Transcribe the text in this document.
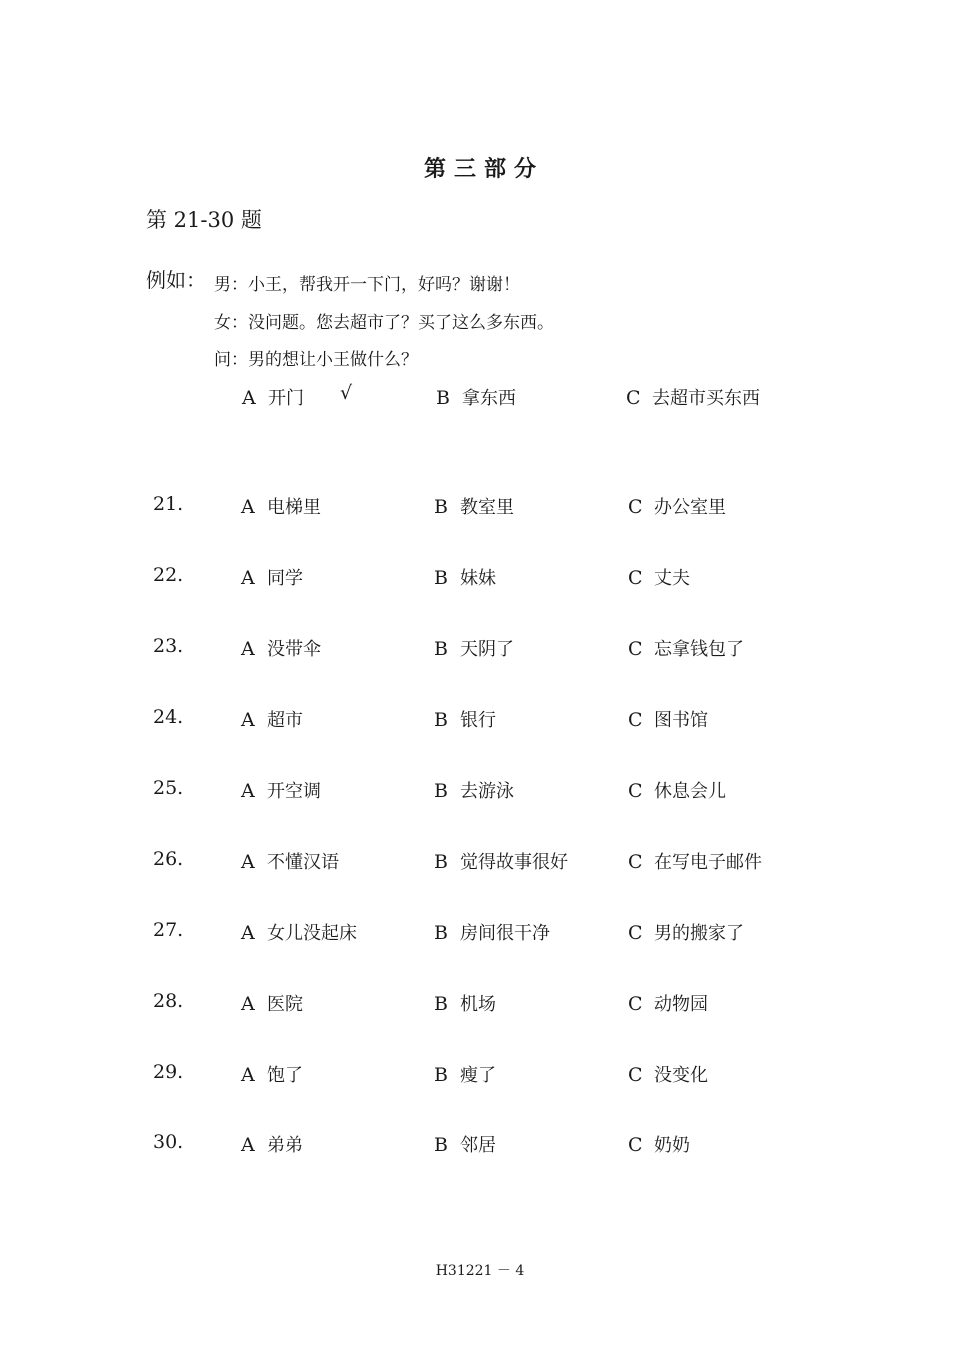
第三部分
第 21-30 题
例如： 男：小王，帮我开一下门，好吗？谢谢！
女：没问题。您去超市了？买了这么多东西。
问：男的想让小王做什么？
A 开门 √	B 拿东西	C 去超市买东西
21.	A 电梯里	B 教室里	C 办公室里
22.	A 同学	B 妹妹	C 丈夫
23.	A 没带伞	B 天阴了	C 忘拿钱包了
24.	A 超市	B 银行	C 图书馆
25.	A 开空调	B 去游泳	C 休息会儿
26.	A 不懂汉语	B 觉得故事很好	C 在写电子邮件
27.	A 女儿没起床	B 房间很干净	C 男的搬家了
28.	A 医院	B 机场	C 动物园
29.	A 饱了	B 瘦了	C 没变化
30.	A 弟弟	B 邻居	C 奶奶
H31221 － 4
